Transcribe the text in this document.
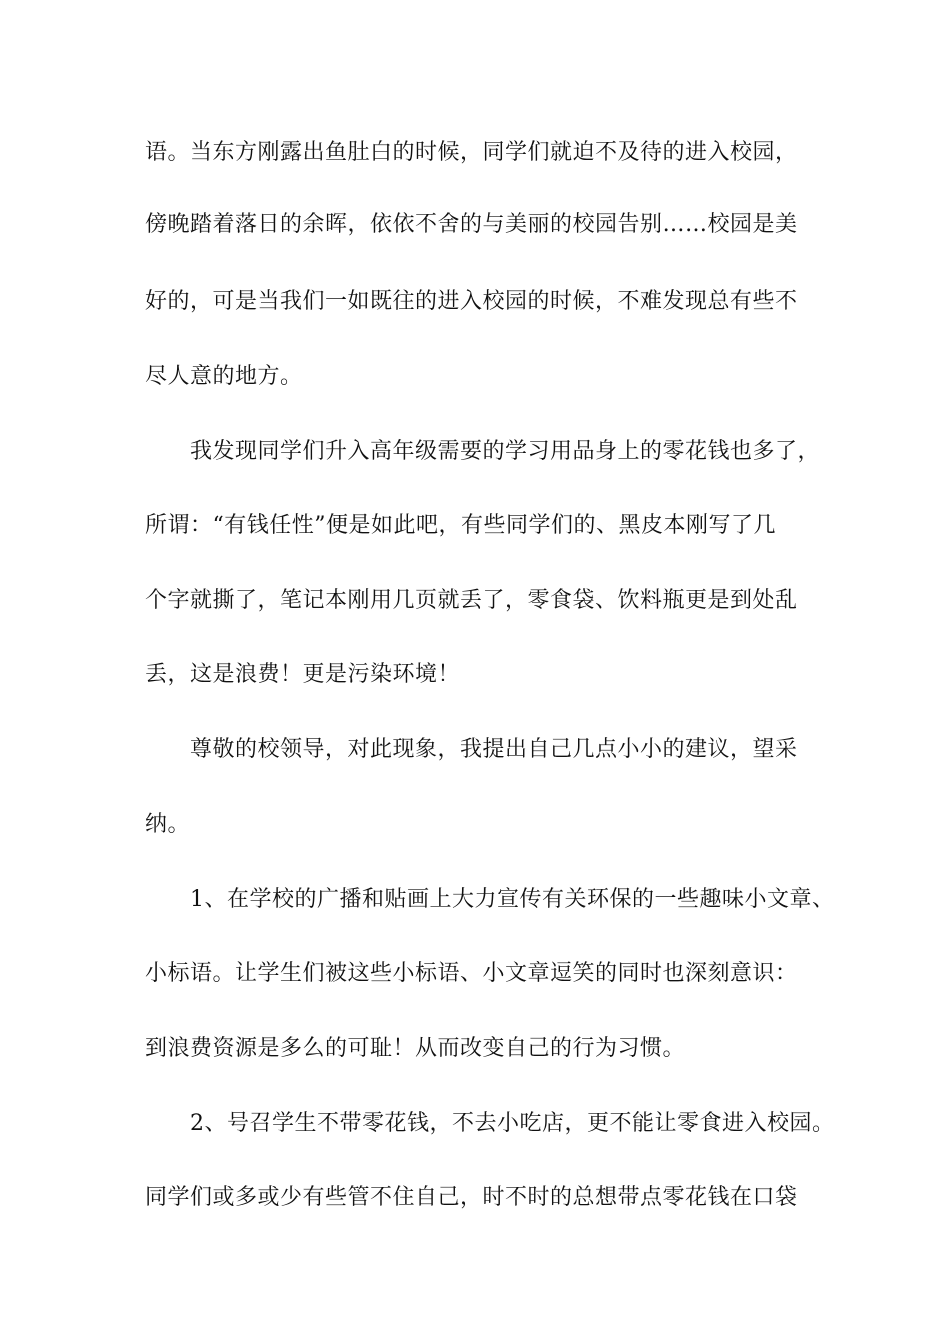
语。当东方刚露出鱼肚白的时候，同学们就迫不及待的进入校园，

傍晚踏着落日的余晖，依依不舍的与美丽的校园告别……校园是美

好的，可是当我们一如既往的进入校园的时候，不难发现总有些不

尽人意的地方。

我发现同学们升入高年级需要的学习用品身上的零花钱也多了，

所谓：“有钱任性”便是如此吧，有些同学们的、黑皮本刚写了几

个字就撕了，笔记本刚用几页就丢了，零食袋、饮料瓶更是到处乱

丢，这是浪费！更是污染环境！

尊敬的校领导，对此现象，我提出自己几点小小的建议，望采

纳。

1、在学校的广播和贴画上大力宣传有关环保的一些趣味小文章、

小标语。让学生们被这些小标语、小文章逗笑的同时也深刻意识：

到浪费资源是多么的可耻！从而改变自己的行为习惯。

2、号召学生不带零花钱，不去小吃店，更不能让零食进入校园。

同学们或多或少有些管不住自己，时不时的总想带点零花钱在口袋
